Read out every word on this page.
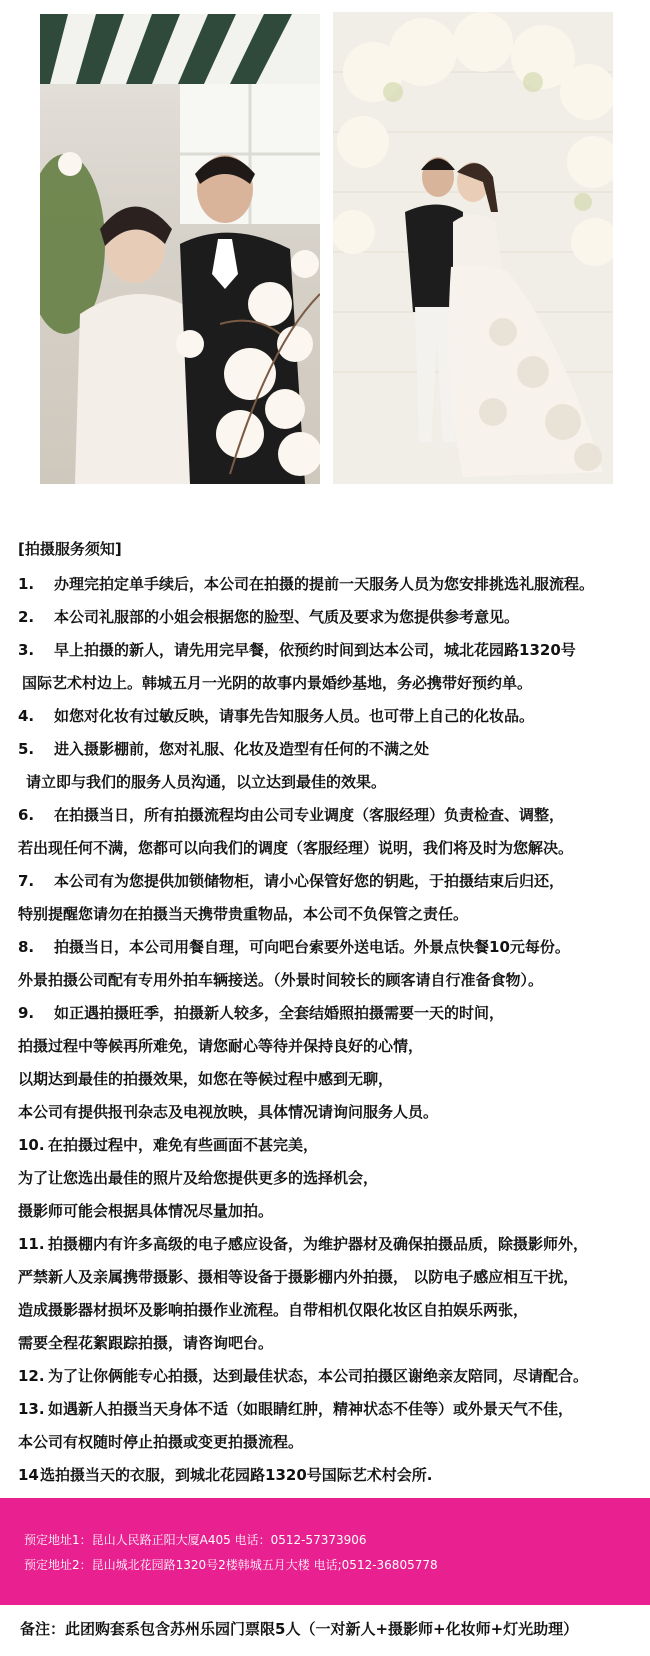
[拍摄服务须知]
1. 办理完拍定单手续后，本公司在拍摄的提前一天服务人员为您安排挑选礼服流程。
2. 本公司礼服部的小姐会根据您的脸型、气质及要求为您提供参考意见。
3. 早上拍摄的新人，请先用完早餐，依预约时间到达本公司，城北花园路1320号
国际艺术村边上。韩城五月一光阴的故事内景婚纱基地，务必携带好预约单。
4. 如您对化妆有过敏反映，请事先告知服务人员。也可带上自己的化妆品。
5. 进入摄影棚前，您对礼服、化妆及造型有任何的不满之处
请立即与我们的服务人员沟通，以立达到最佳的效果。
6. 在拍摄当日，所有拍摄流程均由公司专业调度（客服经理）负责检查、调整，
若出现任何不满，您都可以向我们的调度（客服经理）说明，我们将及时为您解决。
7. 本公司有为您提供加锁储物柜，请小心保管好您的钥匙，于拍摄结束后归还，
特别提醒您请勿在拍摄当天携带贵重物品，本公司不负保管之责任。
8. 拍摄当日，本公司用餐自理，可向吧台索要外送电话。外景点快餐10元每份。
外景拍摄公司配有专用外拍车辆接送。（外景时间较长的顾客请自行准备食物）。
9. 如正遇拍摄旺季，拍摄新人较多，全套结婚照拍摄需要一天的时间，
拍摄过程中等候再所难免，请您耐心等待并保持良好的心情，
以期达到最佳的拍摄效果，如您在等候过程中感到无聊，
本公司有提供报刊杂志及电视放映，具体情况请询问服务人员。
10. 在拍摄过程中，难免有些画面不甚完美，
为了让您选出最佳的照片及给您提供更多的选择机会，
摄影师可能会根据具体情况尽量加拍。
11. 拍摄棚内有许多高级的电子感应设备，为维护器材及确保拍摄品质，除摄影师外，
严禁新人及亲属携带摄影、摄相等设备于摄影棚内外拍摄， 以防电子感应相互干扰，
造成摄影器材损坏及影响拍摄作业流程。自带相机仅限化妆区自拍娱乐两张，
需要全程花絮跟踪拍摄，请咨询吧台。
12. 为了让你俩能专心拍摄，达到最佳状态，本公司拍摄区谢绝亲友陪同，尽请配合。
13. 如遇新人拍摄当天身体不适（如眼睛红肿，精神状态不佳等）或外景天气不佳，
本公司有权随时停止拍摄或变更拍摄流程。
14选拍摄当天的衣服，到城北花园路1320号国际艺术村会所.
预定地址1：昆山人民路正阳大厦A405 电话：0512-57373906
预定地址2：昆山城北花园路1320号2楼韩城五月大楼 电话;0512-36805778
备注：此团购套系包含苏州乐园门票限5人（一对新人+摄影师+化妆师+灯光助理）
